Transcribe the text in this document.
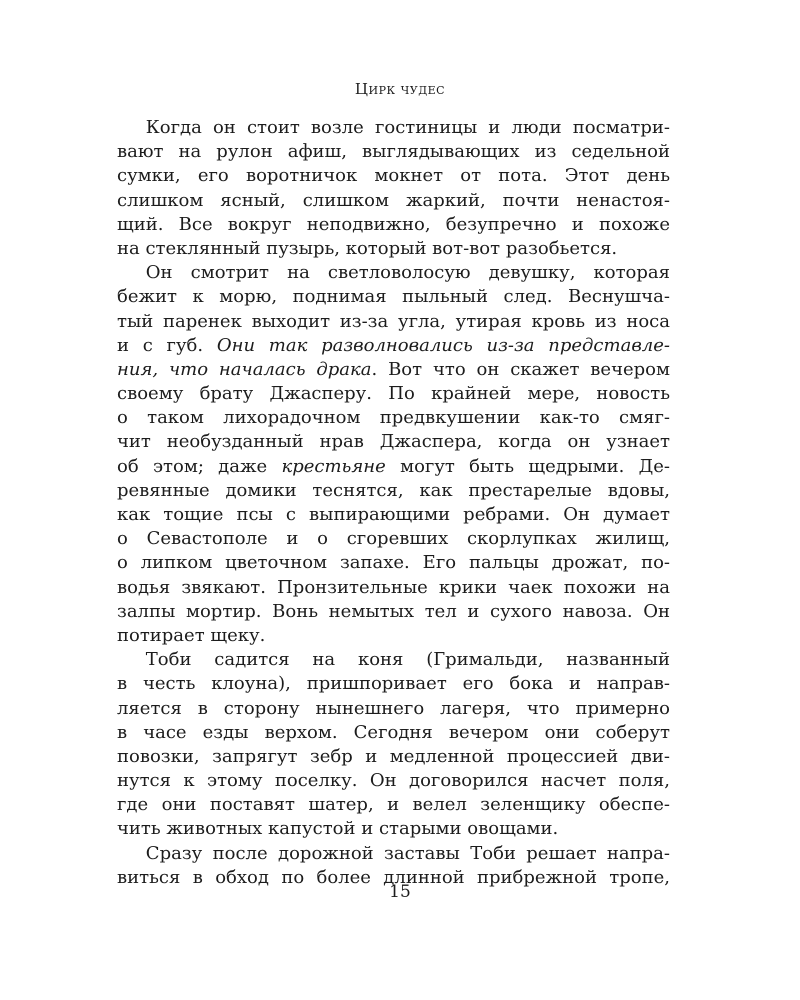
Цирк чудес
Когда он стоит возле гостиницы и люди посматри-
вают на рулон афиш, выглядывающих из седельной
сумки, его воротничок мокнет от пота. Этот день
слишком ясный, слишком жаркий, почти ненастоя-
щий. Все вокруг неподвижно, безупречно и похоже
на стеклянный пузырь, который вот-вот разобьется.
Он смотрит на светловолосую девушку, которая
бежит к морю, поднимая пыльный след. Веснушча-
тый паренек выходит из-за угла, утирая кровь из носа
и с губ. Они так разволновались из-за представле-
ния, что началась драка. Вот что он скажет вечером
своему брату Джасперу. По крайней мере, новость
о таком лихорадочном предвкушении как-то смяг-
чит необузданный нрав Джаспера, когда он узнает
об этом; даже крестьяне могут быть щедрыми. Де-
ревянные домики теснятся, как престарелые вдовы,
как тощие псы с выпирающими ребрами. Он думает
о Севастополе и о сгоревших скорлупках жилищ,
о липком цветочном запахе. Его пальцы дрожат, по-
водья звякают. Пронзительные крики чаек похожи на
залпы мортир. Вонь немытых тел и сухого навоза. Он
потирает щеку.
Тоби садится на коня (Гримальди, названный
в честь клоуна), пришпоривает его бока и направ-
ляется в сторону нынешнего лагеря, что примерно
в часе езды верхом. Сегодня вечером они соберут
повозки, запрягут зебр и медленной процессией дви-
нутся к этому поселку. Он договорился насчет поля,
где они поставят шатер, и велел зеленщику обеспе-
чить животных капустой и старыми овощами.
Сразу после дорожной заставы Тоби решает напра-
виться в обход по более длинной прибрежной тропе,
15
